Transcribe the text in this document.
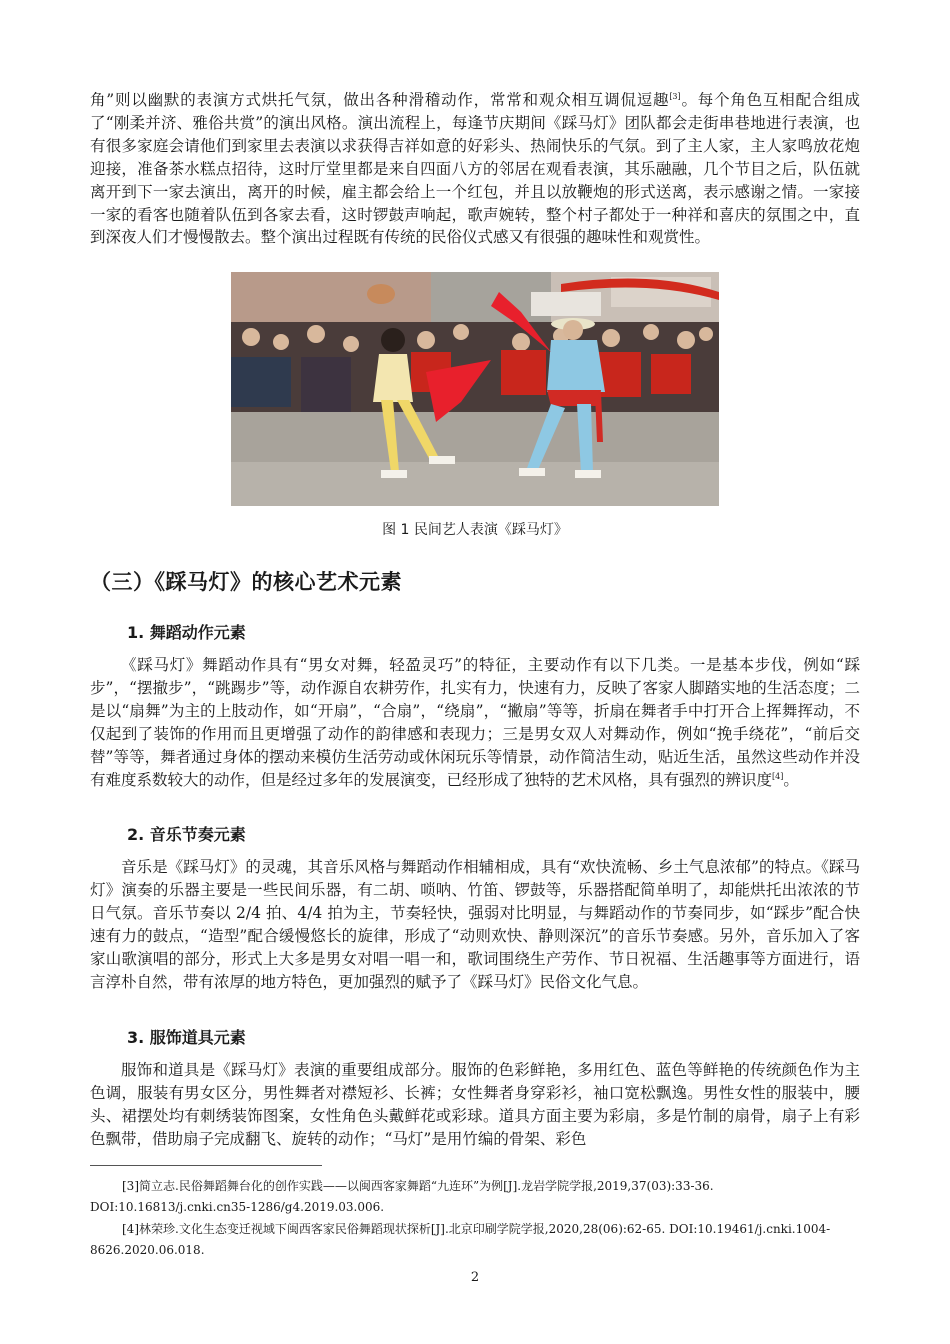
角”则以幽默的表演方式烘托气氛，做出各种滑稽动作，常常和观众相互调侃逗趣[3]。每个角色互相配合组成了“刚柔并济、雅俗共赏”的演出风格。演出流程上，每逢节庆期间《踩马灯》团队都会走街串巷地进行表演，也有很多家庭会请他们到家里去表演以求获得吉祥如意的好彩头、热闹快乐的气氛。到了主人家，主人家鸣放花炮迎接，准备茶水糕点招待，这时厅堂里都是来自四面八方的邻居在观看表演，其乐融融，几个节目之后，队伍就离开到下一家去演出，离开的时候，雇主都会给上一个红包，并且以放鞭炮的形式送离，表示感谢之情。一家接一家的看客也随着队伍到各家去看，这时锣鼓声响起，歌声婉转，整个村子都处于一种祥和喜庆的氛围之中，直到深夜人们才慢慢散去。整个演出过程既有传统的民俗仪式感又有很强的趣味性和观赏性。

图 1 民间艺人表演《踩马灯》
（三）《踩马灯》的核心艺术元素
1. 舞蹈动作元素

《踩马灯》舞蹈动作具有“男女对舞，轻盈灵巧”的特征，主要动作有以下几类。一是基本步伐，例如“踩步”，“摆撤步”，“跳踢步”等，动作源自农耕劳作，扎实有力，快速有力，反映了客家人脚踏实地的生活态度；二是以“扇舞”为主的上肢动作，如“开扇”，“合扇”，“绕扇”，“撇扇”等等，折扇在舞者手中打开合上挥舞挥动，不仅起到了装饰的作用而且更增强了动作的韵律感和表现力；三是男女双人对舞动作，例如“挽手绕花”，“前后交替”等等，舞者通过身体的摆动来模仿生活劳动或休闲玩乐等情景，动作简洁生动，贴近生活，虽然这些动作并没有难度系数较大的动作，但是经过多年的发展演变，已经形成了独特的艺术风格，具有强烈的辨识度[4]。

2. 音乐节奏元素

音乐是《踩马灯》的灵魂，其音乐风格与舞蹈动作相辅相成，具有“欢快流畅、乡土气息浓郁”的特点。《踩马灯》演奏的乐器主要是一些民间乐器，有二胡、唢呐、竹笛、锣鼓等，乐器搭配简单明了，却能烘托出浓浓的节日气氛。音乐节奏以 2/4 拍、4/4 拍为主，节奏轻快，强弱对比明显，与舞蹈动作的节奏同步，如“踩步”配合快速有力的鼓点，“造型”配合缓慢悠长的旋律，形成了“动则欢快、静则深沉”的音乐节奏感。另外，音乐加入了客家山歌演唱的部分，形式上大多是男女对唱一唱一和，歌词围绕生产劳作、节日祝福、生活趣事等方面进行，语言淳朴自然，带有浓厚的地方特色，更加强烈的赋予了《踩马灯》民俗文化气息。

3. 服饰道具元素

服饰和道具是《踩马灯》表演的重要组成部分。服饰的色彩鲜艳，多用红色、蓝色等鲜艳的传统颜色作为主色调，服装有男女区分，男性舞者对襟短衫、长裤；女性舞者身穿彩衫，袖口宽松飘逸。男性女性的服装中，腰头、裙摆处均有刺绣装饰图案，女性角色头戴鲜花或彩球。道具方面主要为彩扇，多是竹制的扇骨，扇子上有彩色飘带，借助扇子完成翻飞、旋转的动作；“马灯”是用竹编的骨架、彩色

[3]简立志.民俗舞蹈舞台化的创作实践——以闽西客家舞蹈“九连环”为例[J].龙岩学院学报,2019,37(03):33-36. DOI:10.16813/j.cnki.cn35-1286/g4.2019.03.006.

[4]林荣珍.文化生态变迁视域下闽西客家民俗舞蹈现状探析[J].北京印刷学院学报,2020,28(06):62-65. DOI:10.19461/j.cnki.1004-8626.2020.06.018.

2
